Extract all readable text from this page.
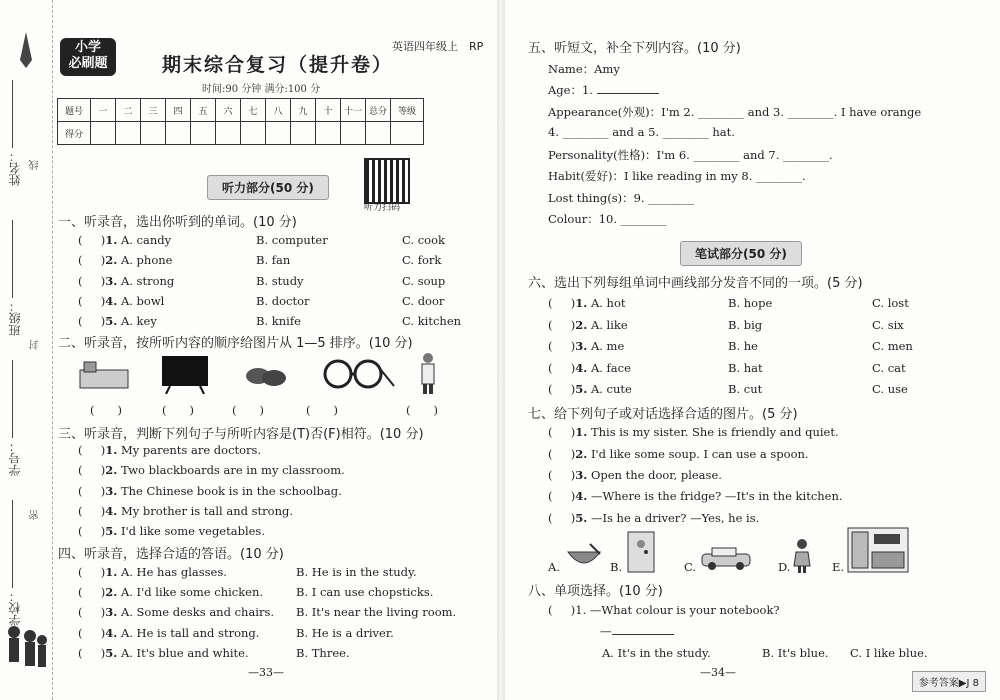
姓名：
班级：
学号：
学校：
线
封
密
小学
必刷题
英语四年级上　RP
期末综合复习（提升卷）
时间:90 分钟 满分:100 分
题号	一	二	三	四	五	六	七	八	九	十	十一	总分	等级
得分													
听力部分(50 分)
听力扫码
一、听录音，选出你听到的单词。(10 分)
(     )1. A. candy	B. computer	C. cook
(     )2. A. phone	B. fan	C. fork
(     )3. A. strong	B. study	C. soup
(     )4. A. bowl	B. doctor	C. door
(     )5. A. key	B. knife	C. kitchen
二、听录音，按所听内容的顺序给图片从 1—5 排序。(10 分)
(　　)	(　　)	(　　)	(　　)	(　　)
三、听录音，判断下列句子与所听内容是(T)否(F)相符。(10 分)
(     )1. My parents are doctors.
(     )2. Two blackboards are in my classroom.
(     )3. The Chinese book is in the schoolbag.
(     )4. My brother is tall and strong.
(     )5. I'd like some vegetables.
四、听录音，选择合适的答语。(10 分)
(     )1. A. He has glasses.	B. He is in the study.
(     )2. A. I'd like some chicken.	B. I can use chopsticks.
(     )3. A. Some desks and chairs. B. It's near the living room.
(     )4. A. He is tall and strong.	B. He is a driver.
(     )5. A. It's blue and white.	B. Three.
—33—
五、听短文，补全下列内容。(10 分)
Name：Amy
Age：1.
Appearance(外观)：I'm 2. ________ and 3. ________. I have orange
4. ________ and a 5. ________ hat.
Personality(性格)：I'm 6. ________ and 7. ________.
Habit(爱好)：I like reading in my 8. ________.
Lost thing(s)：9. ________
Colour：10. ________
笔试部分(50 分)
六、选出下列每组单词中画线部分发音不同的一项。(5 分)
(     )1. A. hot	B. hope	C. lost
(     )2. A. like	B. big	C. six
(     )3. A. me	B. he	C. men
(     )4. A. face	B. hat	C. cat
(     )5. A. cute	B. cut	C. use
七、给下列句子或对话选择合适的图片。(5 分)
(     )1. This is my sister. She is friendly and quiet.
(     )2. I'd like some soup. I can use a spoon.
(     )3. Open the door, please.
(     )4. —Where is the fridge? —It's in the kitchen.
(     )5. —Is he a driver? —Yes, he is.
A.	B.	C.	D.	E.
八、单项选择。(10 分)
(     )1. —What colour is your notebook?
—
A. It's in the study.	B. It's blue. C. I like blue.
—34—
参考答案▶J 8
